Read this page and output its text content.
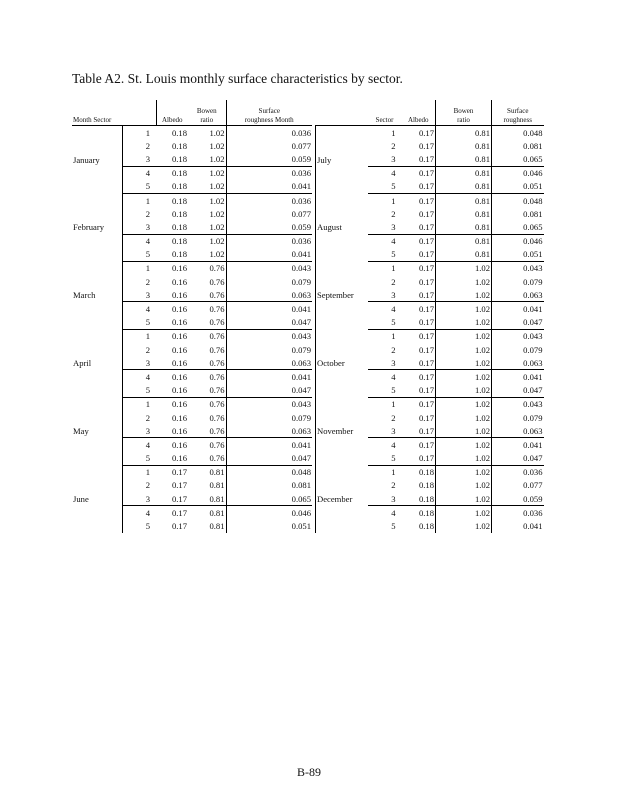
Table A2. St. Louis monthly surface characteristics by sector.
Month Sector		Albedo	Bowen
ratio	Surface
roughness Month
January	1	0.18	1.02	0.036
	2	0.18	1.02	0.077
	3	0.18	1.02	0.059
	4	0.18	1.02	0.036
	5	0.18	1.02	0.041
February	1	0.18	1.02	0.036
	2	0.18	1.02	0.077
	3	0.18	1.02	0.059
	4	0.18	1.02	0.036
	5	0.18	1.02	0.041
March	1	0.16	0.76	0.043
	2	0.16	0.76	0.079
	3	0.16	0.76	0.063
	4	0.16	0.76	0.041
	5	0.16	0.76	0.047
April	1	0.16	0.76	0.043
	2	0.16	0.76	0.079
	3	0.16	0.76	0.063
	4	0.16	0.76	0.041
	5	0.16	0.76	0.047
May	1	0.16	0.76	0.043
	2	0.16	0.76	0.079
	3	0.16	0.76	0.063
	4	0.16	0.76	0.041
	5	0.16	0.76	0.047
June	1	0.17	0.81	0.048
	2	0.17	0.81	0.081
	3	0.17	0.81	0.065
	4	0.17	0.81	0.046
	5	0.17	0.81	0.051
	Sector	Albedo	Bowen
ratio	Surface
roughness
July	1	0.17	0.81	0.048
	2	0.17	0.81	0.081
	3	0.17	0.81	0.065
	4	0.17	0.81	0.046
	5	0.17	0.81	0.051
August	1	0.17	0.81	0.048
	2	0.17	0.81	0.081
	3	0.17	0.81	0.065
	4	0.17	0.81	0.046
	5	0.17	0.81	0.051
September	1	0.17	1.02	0.043
	2	0.17	1.02	0.079
	3	0.17	1.02	0.063
	4	0.17	1.02	0.041
	5	0.17	1.02	0.047
October	1	0.17	1.02	0.043
	2	0.17	1.02	0.079
	3	0.17	1.02	0.063
	4	0.17	1.02	0.041
	5	0.17	1.02	0.047
November	1	0.17	1.02	0.043
	2	0.17	1.02	0.079
	3	0.17	1.02	0.063
	4	0.17	1.02	0.041
	5	0.17	1.02	0.047
December	1	0.18	1.02	0.036
	2	0.18	1.02	0.077
	3	0.18	1.02	0.059
	4	0.18	1.02	0.036
	5	0.18	1.02	0.041
B-89
